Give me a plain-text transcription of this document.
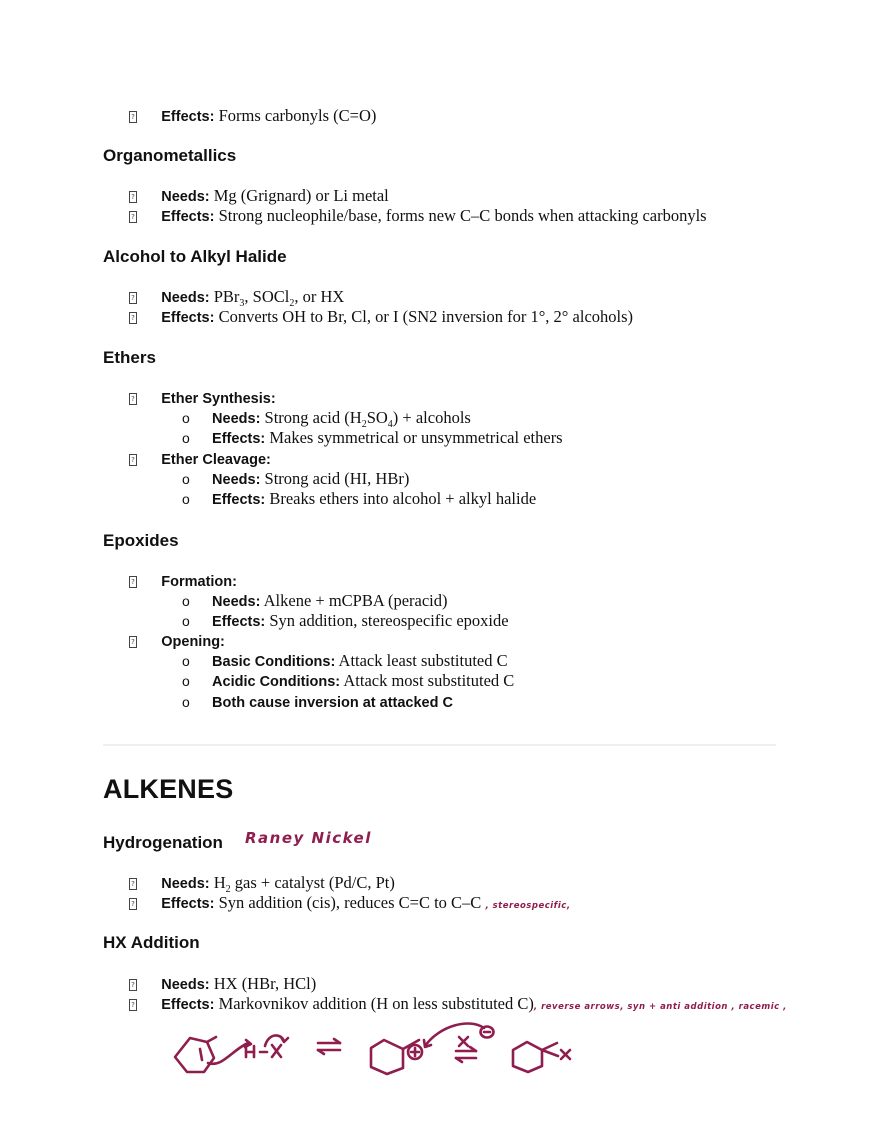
? Effects: Forms carbonyls (C=O)
Organometallics
? Needs: Mg (Grignard) or Li metal
? Effects: Strong nucleophile/base, forms new C–C bonds when attacking carbonyls
Alcohol to Alkyl Halide
? Needs: PBr$_3$, SOCl$_2$, or HX
? Effects: Converts OH to Br, Cl, or I (SN2 inversion for 1°, 2° alcohols)
Ethers
? Ether Synthesis:
o Needs: Strong acid $(H_2SO_4)$ + alcohols
o Effects: Makes symmetrical or unsymmetrical ethers
? Ether Cleavage:
o Needs: Strong acid (HI, HBr)
o Effects: Breaks ethers into alcohol + alkyl halide
Epoxides
? Formation:
o Needs: Alkene + mCPBA (peracid)
o Effects: Syn addition, stereospecific epoxide
? Opening:
o Basic Conditions: Attack least substituted C
o Acidic Conditions: Attack most substituted C
o Both cause inversion at attacked C
ALKENES
Hydrogenation Raney Nickel
? Needs: $H_2$ gas + catalyst (Pd/C, Pt)
? Effects: Syn addition (cis), reduces C=C to C–C , stereospecific,
HX Addition
? Needs: HX (HBr, HCl)
? Effects: Markovnikov addition (H on less substituted C), reverse arrows, syn + anti addition , racemic ,
